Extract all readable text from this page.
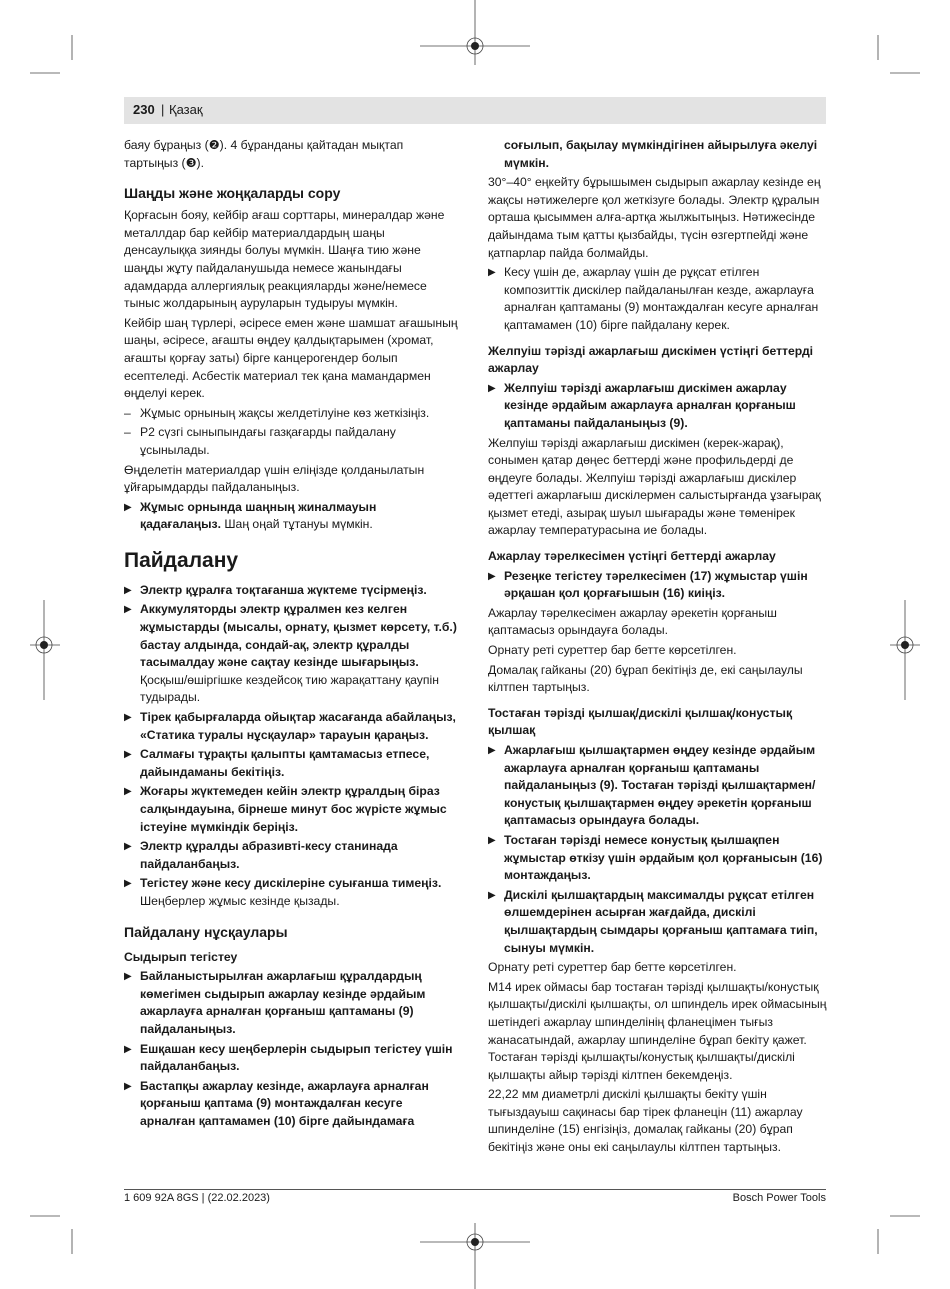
230 | Қазақ

баяу бұраңыз (❷). 4 бұранданы қайтадан мықтап тартыңыз (❸).

Шаңды және жоңқаларды сору

Қорғасын бояу, кейбір ағаш сорттары, минералдар және металлдар бар кейбір материалдардың шаңы денсаулыққа зиянды болуы мүмкін. Шаңға тию және шаңды жұту пайдаланушыда немесе жанындағы адамдарда аллергиялық реакцияларды және/немесе тыныс жолдарының ауруларын тудыруы мүмкін.

Кейбір шаң түрлері, әсіресе емен және шамшат ағашының шаңы, әсіресе, ағашты өңдеу қалдықтарымен (хромат, ағашты қорғау заты) бірге канцерогендер болып есептеледі. Асбестік материал тек қана мамандармен өңделуі керек.

– Жұмыс орнының жақсы желдетілуіне көз жеткізіңіз.
– P2 сүзгі сыныпындағы газқағарды пайдалану ұсынылады.

Өңделетін материалдар үшін еліңізде қолданылатын ұйғарымдарды пайдаланыңыз.

▶ Жұмыс орнында шаңның жиналмауын қадағалаңыз. Шаң оңай тұтануы мүмкін.
Пайдалану
▶ Электр құралға тоқтағанша жүктеме түсірмеңіз.
▶ Аккумуляторды электр құралмен кез келген жұмыстарды (мысалы, орнату, қызмет көрсету, т.б.) бастау алдында, сондай-ақ, электр құралды тасымалдау және сақтау кезінде шығарыңыз. Қосқыш/өшіргішке кездейсоқ тию жарақаттану қаупін тудырады.
▶ Тірек қабырғаларда ойықтар жасағанда абайлаңыз, «Статика туралы нұсқаулар» тарауын қараңыз.
▶ Салмағы тұрақты қалыпты қамтамасыз етпесе, дайындаманы бекітіңіз.
▶ Жоғары жүктемеден кейін электр құралдың біраз салқындауына, бірнеше минут бос жүрісте жұмыс істеуіне мүмкіндік беріңіз.
▶ Электр құралды абразивті-кесу станинада пайдаланбаңыз.
▶ Тегістеу және кесу дискілеріне суығанша тимеңіз. Шеңберлер жұмыс кезінде қызады.
Пайдалану нұсқаулары
Сыдырып тегістеу
▶ Байланыстырылған ажарлағыш құралдардың көмегімен сыдырып ажарлау кезінде әрдайым ажарлауға арналған қорғаныш қаптаманы (9) пайдаланыңыз.
▶ Ешқашан кесу шеңберлерін сыдырып тегістеу үшін пайдаланбаңыз.
▶ Бастапқы ажарлау кезінде, ажарлауға арналған қорғаныш қаптама (9) монтаждалған кесуге арналған қаптамамен (10) бірге дайындамаға
соғылып, бақылау мүмкіндігінен айырылуға әкелуі мүмкін.

30°–40° еңкейту бұрышымен сыдырып ажарлау кезінде ең жақсы нәтижелерге қол жеткізуге болады. Электр құралын орташа қысыммен алға-артқа жылжытыңыз. Нәтижесінде дайындама тым қатты қызбайды, түсін өзгертпейді және қатпарлар пайда болмайды.

▶ Кесу үшін де, ажарлау үшін де рұқсат етілген композиттік дискілер пайдаланылған кезде, ажарлауға арналған қаптаманы (9) монтаждалған кесуге арналған қаптамамен (10) бірге пайдалану керек.
Желпуіш тәрізді ажарлағыш дискімен үстіңгі беттерді ажарлау
▶ Желпуіш тәрізді ажарлағыш дискімен ажарлау кезінде әрдайым ажарлауға арналған қорғаныш қаптаманы пайдаланыңыз (9).

Желпуіш тәрізді ажарлағыш дискімен (керек-жарақ), сонымен қатар дөңес беттерді және профильдерді де өңдеуге болады. Желпуіш тәрізді ажарлағыш дискілер әдеттегі ажарлағыш дискілермен салыстырғанда ұзағырақ қызмет етеді, азырақ шуыл шығарады және төменірек ажарлау температурасына ие болады.

Ажарлау тәрелкесімен үстіңгі беттерді ажарлау
▶ Резеңке тегістеу тәрелкесімен (17) жұмыстар үшін әрқашан қол қорғағышын (16) киіңіз.

Ажарлау тәрелкесімен ажарлау әрекетін қорғаныш қаптамасыз орындауға болады.

Орнату реті суреттер бар бетте көрсетілген.

Домалақ гайканы (20) бұрап бекітіңіз де, екі саңылаулы кілтпен тартыңыз.

Тостаған тәрізді қылшақ/дискілі қылшақ/конустық қылшақ
▶ Ажарлағыш қылшақтармен өңдеу кезінде әрдайым ажарлауға арналған қорғаныш қаптаманы пайдаланыңыз (9). Тостаған тәрізді қылшақтармен/конустық қылшақтармен өңдеу әрекетін қорғаныш қаптамасыз орындауға болады.
▶ Тостаған тәрізді немесе конустық қылшақпен жұмыстар өткізу үшін әрдайым қол қорғанысын (16) монтаждаңыз.
▶ Дискілі қылшақтардың максималды рұқсат етілген өлшемдерінен асырған жағдайда, дискілі қылшақтардың сымдары қорғаныш қаптамаға тиіп, сынуы мүмкін.

Орнату реті суреттер бар бетте көрсетілген.

M14 ирек оймасы бар тостаған тәрізді қылшақты/конустық қылшақты/дискілі қылшақты, ол шпиндель ирек оймасының шетіндегі ажарлау шпинделінің фланецімен тығыз жанасатындай, ажарлау шпинделіне бұрап бекіту қажет. Тостаған тәрізді қылшақты/конустық қылшақты/дискілі қылшақты айыр тәрізді кілтпен бекемдеңіз.

22,22 мм диаметрлі дискілі қылшақты бекіту үшін тығыздауыш сақинасы бар тірек фланецін (11) ажарлау шпинделіне (15) енгізіңіз, домалақ гайканы (20) бұрап бекітіңіз және оны екі саңылаулы кілтпен тартыңыз.

1 609 92A 8GS | (22.02.2023)	Bosch Power Tools
